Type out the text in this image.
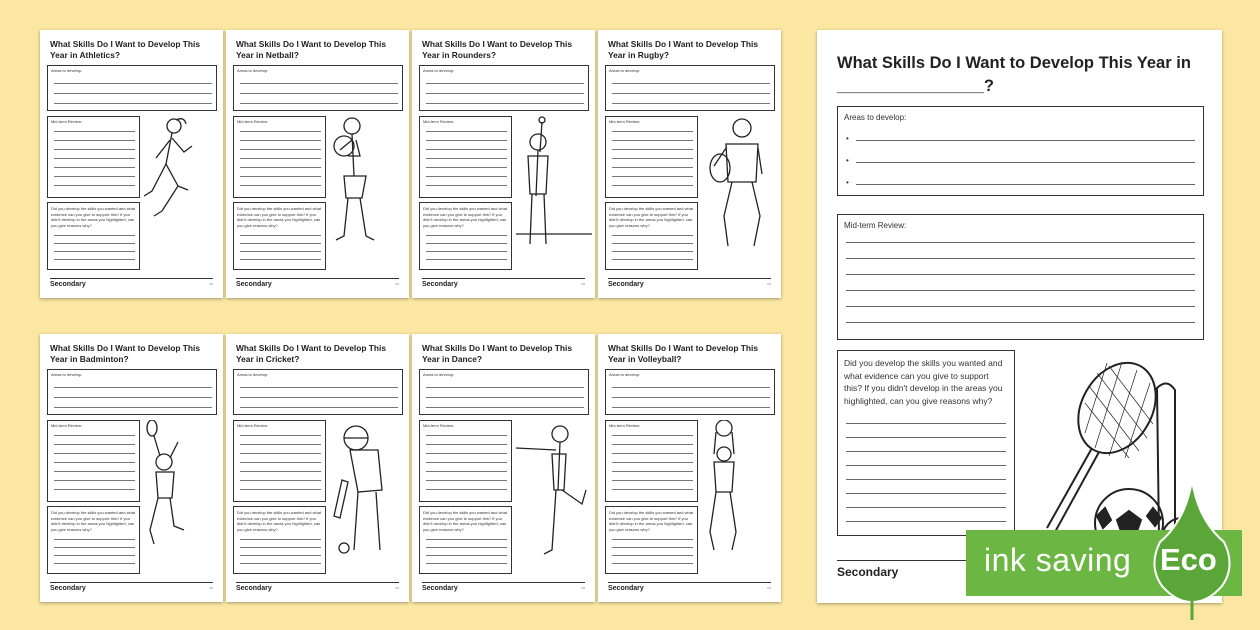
What Skills Do I Want to Develop This Year in Athletics?
Areas to develop:
Mid-term Review:
Did you develop the skills you wanted and what evidence can you give to support this? If you didn't develop in the areas you highlighted, can you give reasons why?
Secondary	▪▪▪
What Skills Do I Want to Develop This Year in Netball?
Areas to develop:
Mid-term Review:
Did you develop the skills you wanted and what evidence can you give to support this? If you didn't develop in the areas you highlighted, can you give reasons why?
Secondary	▪▪▪
What Skills Do I Want to Develop This Year in Rounders?
Areas to develop:
Mid-term Review:
Did you develop the skills you wanted and what evidence can you give to support this? If you didn't develop in the areas you highlighted, can you give reasons why?
Secondary	▪▪▪
What Skills Do I Want to Develop This Year in Rugby?
Areas to develop:
Mid-term Review:
Did you develop the skills you wanted and what evidence can you give to support this? If you didn't develop in the areas you highlighted, can you give reasons why?
Secondary	▪▪▪
What Skills Do I Want to Develop This Year in Badminton?
Areas to develop:
Mid-term Review:
Did you develop the skills you wanted and what evidence can you give to support this? If you didn't develop in the areas you highlighted, can you give reasons why?
Secondary	▪▪▪
What Skills Do I Want to Develop This Year in Cricket?
Areas to develop:
Mid-term Review:
Did you develop the skills you wanted and what evidence can you give to support this? If you didn't develop in the areas you highlighted, can you give reasons why?
Secondary	▪▪▪
What Skills Do I Want to Develop This Year in Dance?
Areas to develop:
Mid-term Review:
Did you develop the skills you wanted and what evidence can you give to support this? If you didn't develop in the areas you highlighted, can you give reasons why?
Secondary	▪▪▪
What Skills Do I Want to Develop This Year in Volleyball?
Areas to develop:
Mid-term Review:
Did you develop the skills you wanted and what evidence can you give to support this? If you didn't develop in the areas you highlighted, can you give reasons why?
Secondary	▪▪▪
What Skills Do I Want to Develop This Year in ________________?
Areas to develop:
•
•
•
Mid-term Review:
Did you develop the skills you wanted and what evidence can you give to support this? If you didn't develop in the areas you highlighted, can you give reasons why?
Secondary	ink saving Eco
